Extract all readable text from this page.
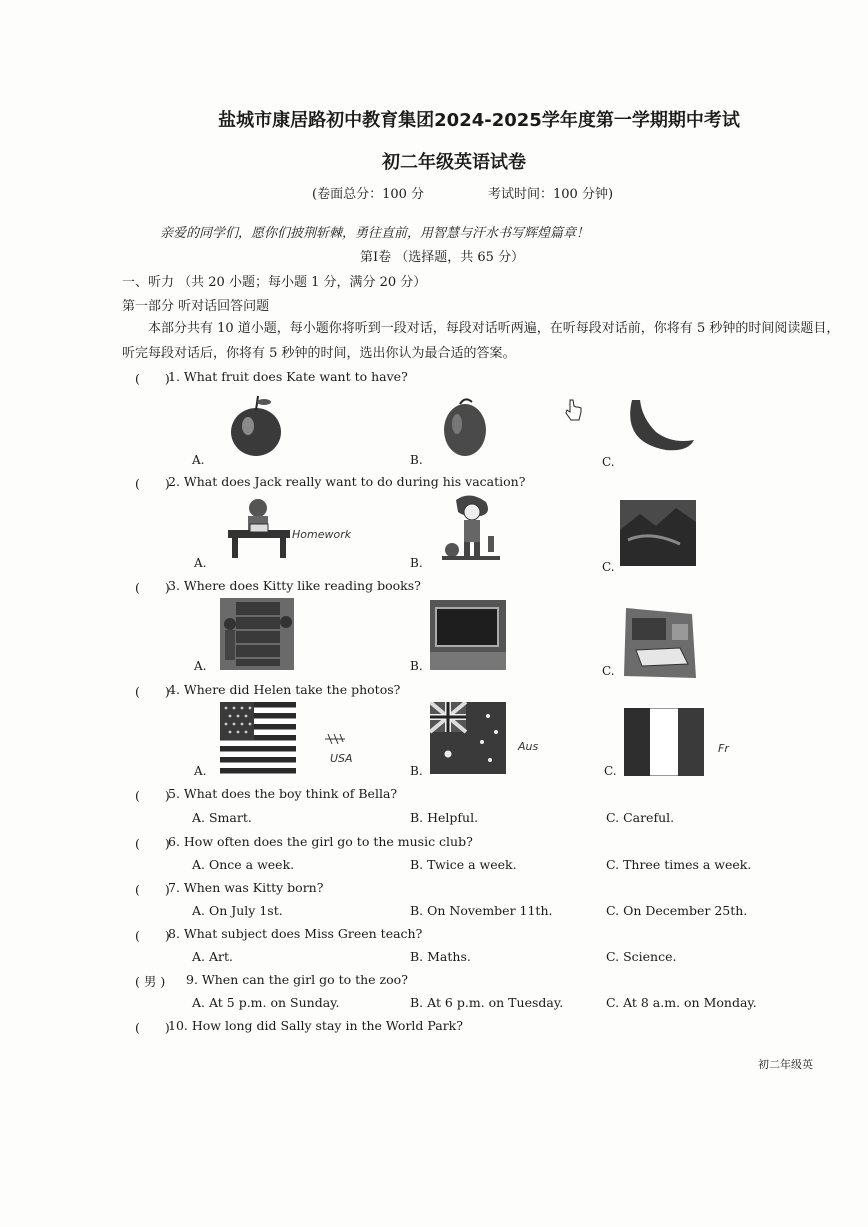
盐城市康居路初中教育集团2024-2025学年度第一学期期中考试
初二年级英语试卷
(卷面总分：100 分	考试时间：100 分钟)
亲爱的同学们，愿你们披荆斩棘，勇往直前，用智慧与汗水书写辉煌篇章！
第Ⅰ卷 （选择题，共 65 分）
一、听力 （共 20 小题；每小题 1 分，满分 20 分）
第一部分 听对话回答问题
本部分共有 10 道小题，每小题你将听到一段对话，每段对话听两遍，在听每段对话前，你将有 5 秒钟的时间阅读题目，听完每段对话后，你将有 5 秒钟的时间，选出你认为最合适的答案。
(　　)
1. What fruit does Kate want to have?
A.	B.	C.
(　　)
2. What does Jack really want to do during his vacation?
Homework
A.	B.	C.
(　　)
3. Where does Kitty like reading books?
A.	B.	C.
(　　)
4. Where did Helen take the photos?
USA
Aus	Fr
A.	B.	C.
(　　)
5. What does the boy think of Bella?
A. Smart.	B. Helpful.	C. Careful.
(　　)
6. How often does the girl go to the music club?
A. Once a week.	B. Twice a week.	C. Three times a week.
(　　)
7. When was Kitty born?
A. On July 1st.	B. On November 11th.	C. On December 25th.
(　　)
8. What subject does Miss Green teach?
A. Art.	B. Maths.	C. Science.
( 男 ) 9. When can the girl go to the zoo?
A. At 5 p.m. on Sunday.	B. At 6 p.m. on Tuesday.	C. At 8 a.m. on Monday.
(　　)
10. How long did Sally stay in the World Park?
初二年级英
